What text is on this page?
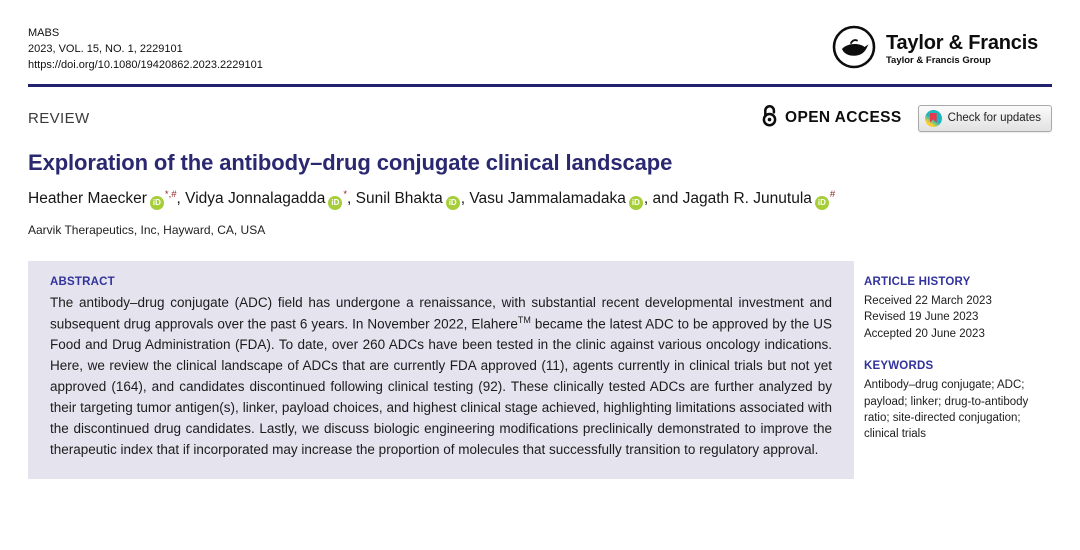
MABS
2023, VOL. 15, NO. 1, 2229101
https://doi.org/10.1080/19420862.2023.2229101
Taylor & Francis
Taylor & Francis Group
REVIEW	OPEN ACCESS	Check for updates
Exploration of the antibody–drug conjugate clinical landscape
Heather Maecker iD
*,#, Vidya Jonnalagadda iD
*, Sunil Bhakta iD , Vasu Jammalamadaka iD , and Jagath R. Junutula iD
#
Aarvik Therapeutics, Inc, Hayward, CA, USA
ABSTRACT

The antibody–drug conjugate (ADC) field has undergone a renaissance, with substantial recent developmental investment and subsequent drug approvals over the past 6 years. In November 2022, Elahere™ became the latest ADC to be approved by the US Food and Drug Administration (FDA). To date, over 260 ADCs have been tested in the clinic against various oncology indications. Here, we review the clinical landscape of ADCs that are currently FDA approved (11), agents currently in clinical trials but not yet approved (164), and candidates discontinued following clinical testing (92). These clinically tested ADCs are further analyzed by their targeting tumor antigen(s), linker, payload choices, and highest clinical stage achieved, highlighting limitations associated with the discontinued drug candidates. Lastly, we discuss biologic engineering modifications preclinically demonstrated to improve the therapeutic index that if incorporated may increase the proportion of molecules that successfully transition to regulatory approval.

ARTICLE HISTORY
Received 22 March 2023
Revised 19 June 2023
Accepted 20 June 2023
KEYWORDS
Antibody–drug conjugate; ADC; payload; linker; drug-to-antibody ratio; site-directed conjugation; clinical trials
